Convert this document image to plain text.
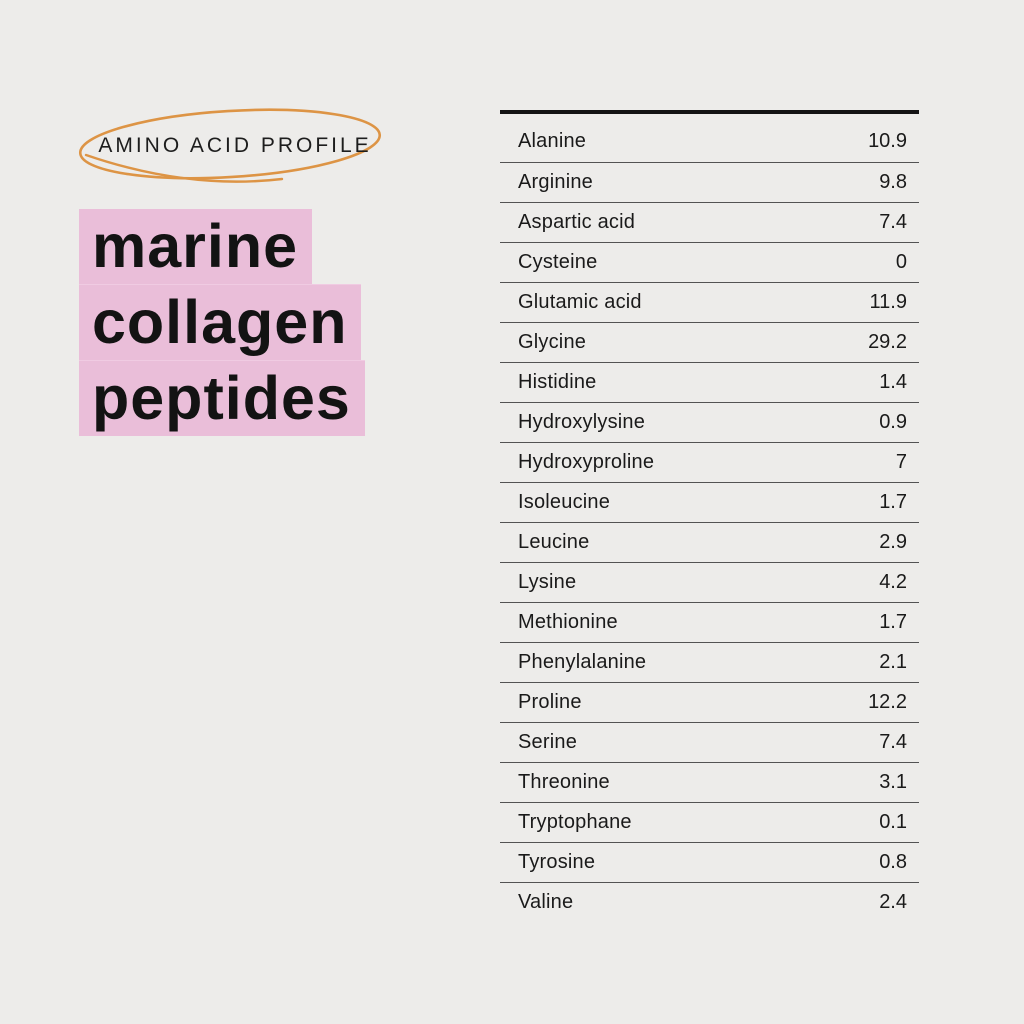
AMINO ACID PROFILE
marine
collagen
peptides
Alanine	10.9
Arginine	9.8
Aspartic acid	7.4
Cysteine	0
Glutamic acid	11.9
Glycine	29.2
Histidine	1.4
Hydroxylysine	0.9
Hydroxyproline	7
Isoleucine	1.7
Leucine	2.9
Lysine	4.2
Methionine	1.7
Phenylalanine	2.1
Proline	12.2
Serine	7.4
Threonine	3.1
Tryptophane	0.1
Tyrosine	0.8
Valine	2.4
